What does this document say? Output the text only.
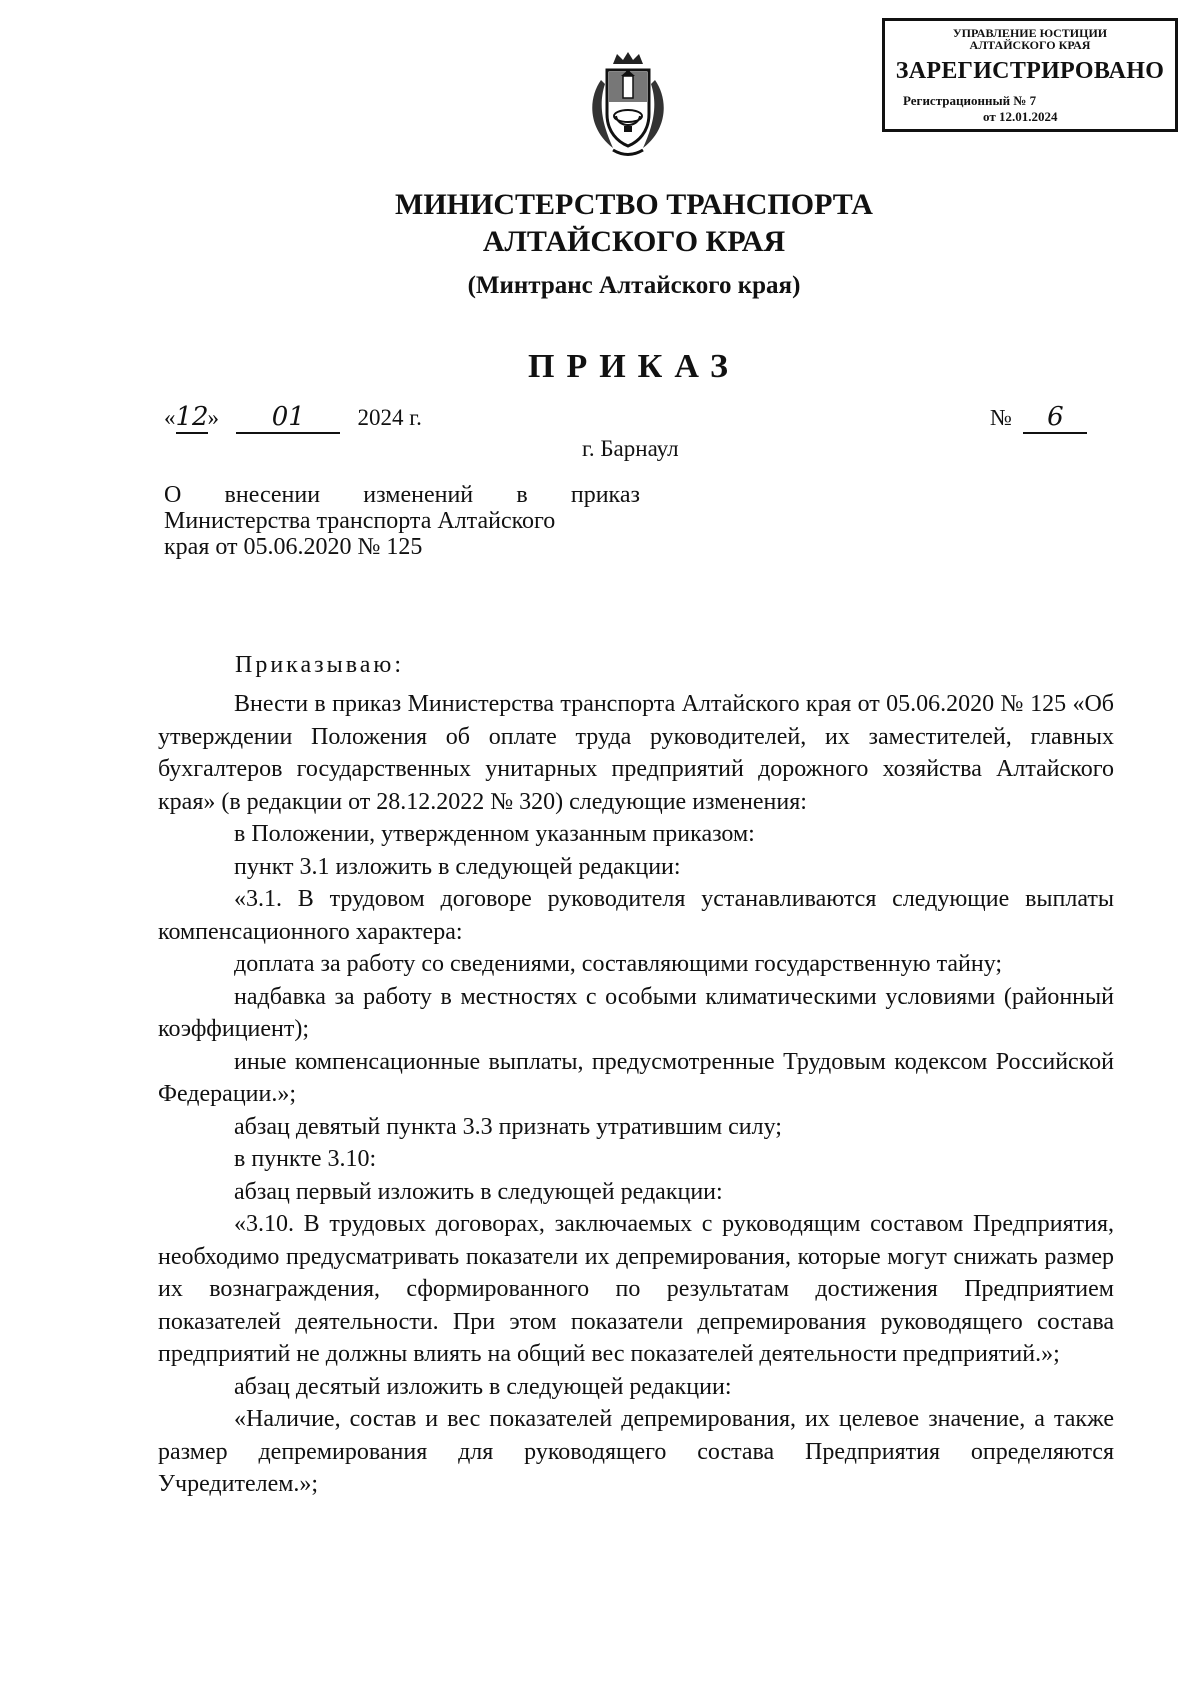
УПРАВЛЕНИЕ ЮСТИЦИИ
АЛТАЙСКОГО КРАЯ
ЗАРЕГИСТРИРОВАНО
Регистрационный № 7
от 12.01.2024
МИНИСТЕРСТВО ТРАНСПОРТА
АЛТАЙСКОГО КРАЯ
(Минтранс Алтайского края)
ПРИКАЗ
«12» 01 2024 г.	№ 6
г. Барнаул
О внесении изменений в приказ
Министерства транспорта Алтайского
края от 05.06.2020 № 125
Приказываю:

Внести в приказ Министерства транспорта Алтайского края от 05.06.2020 № 125 «Об утверждении Положения об оплате труда руководителей, их заместителей, главных бухгалтеров государственных унитарных предприятий дорожного хозяйства Алтайского края» (в редакции от 28.12.2022 № 320) следующие изменения:

в Положении, утвержденном указанным приказом:

пункт 3.1 изложить в следующей редакции:

«3.1. В трудовом договоре руководителя устанавливаются следующие выплаты компенсационного характера:

доплата за работу со сведениями, составляющими государственную тайну;

надбавка за работу в местностях с особыми климатическими условиями (районный коэффициент);

иные компенсационные выплаты, предусмотренные Трудовым кодексом Российской Федерации.»;

абзац девятый пункта 3.3 признать утратившим силу;

в пункте 3.10:

абзац первый изложить в следующей редакции:

«3.10. В трудовых договорах, заключаемых с руководящим составом Предприятия, необходимо предусматривать показатели их депремирования, которые могут снижать размер их вознаграждения, сформированного по результатам достижения Предприятием показателей деятельности. При этом показатели депремирования руководящего состава предприятий не должны влиять на общий вес показателей деятельности предприятий.»;

абзац десятый изложить в следующей редакции:

«Наличие, состав и вес показателей депремирования, их целевое значение, а также размер депремирования для руководящего состава Предприятия определяются Учредителем.»;
